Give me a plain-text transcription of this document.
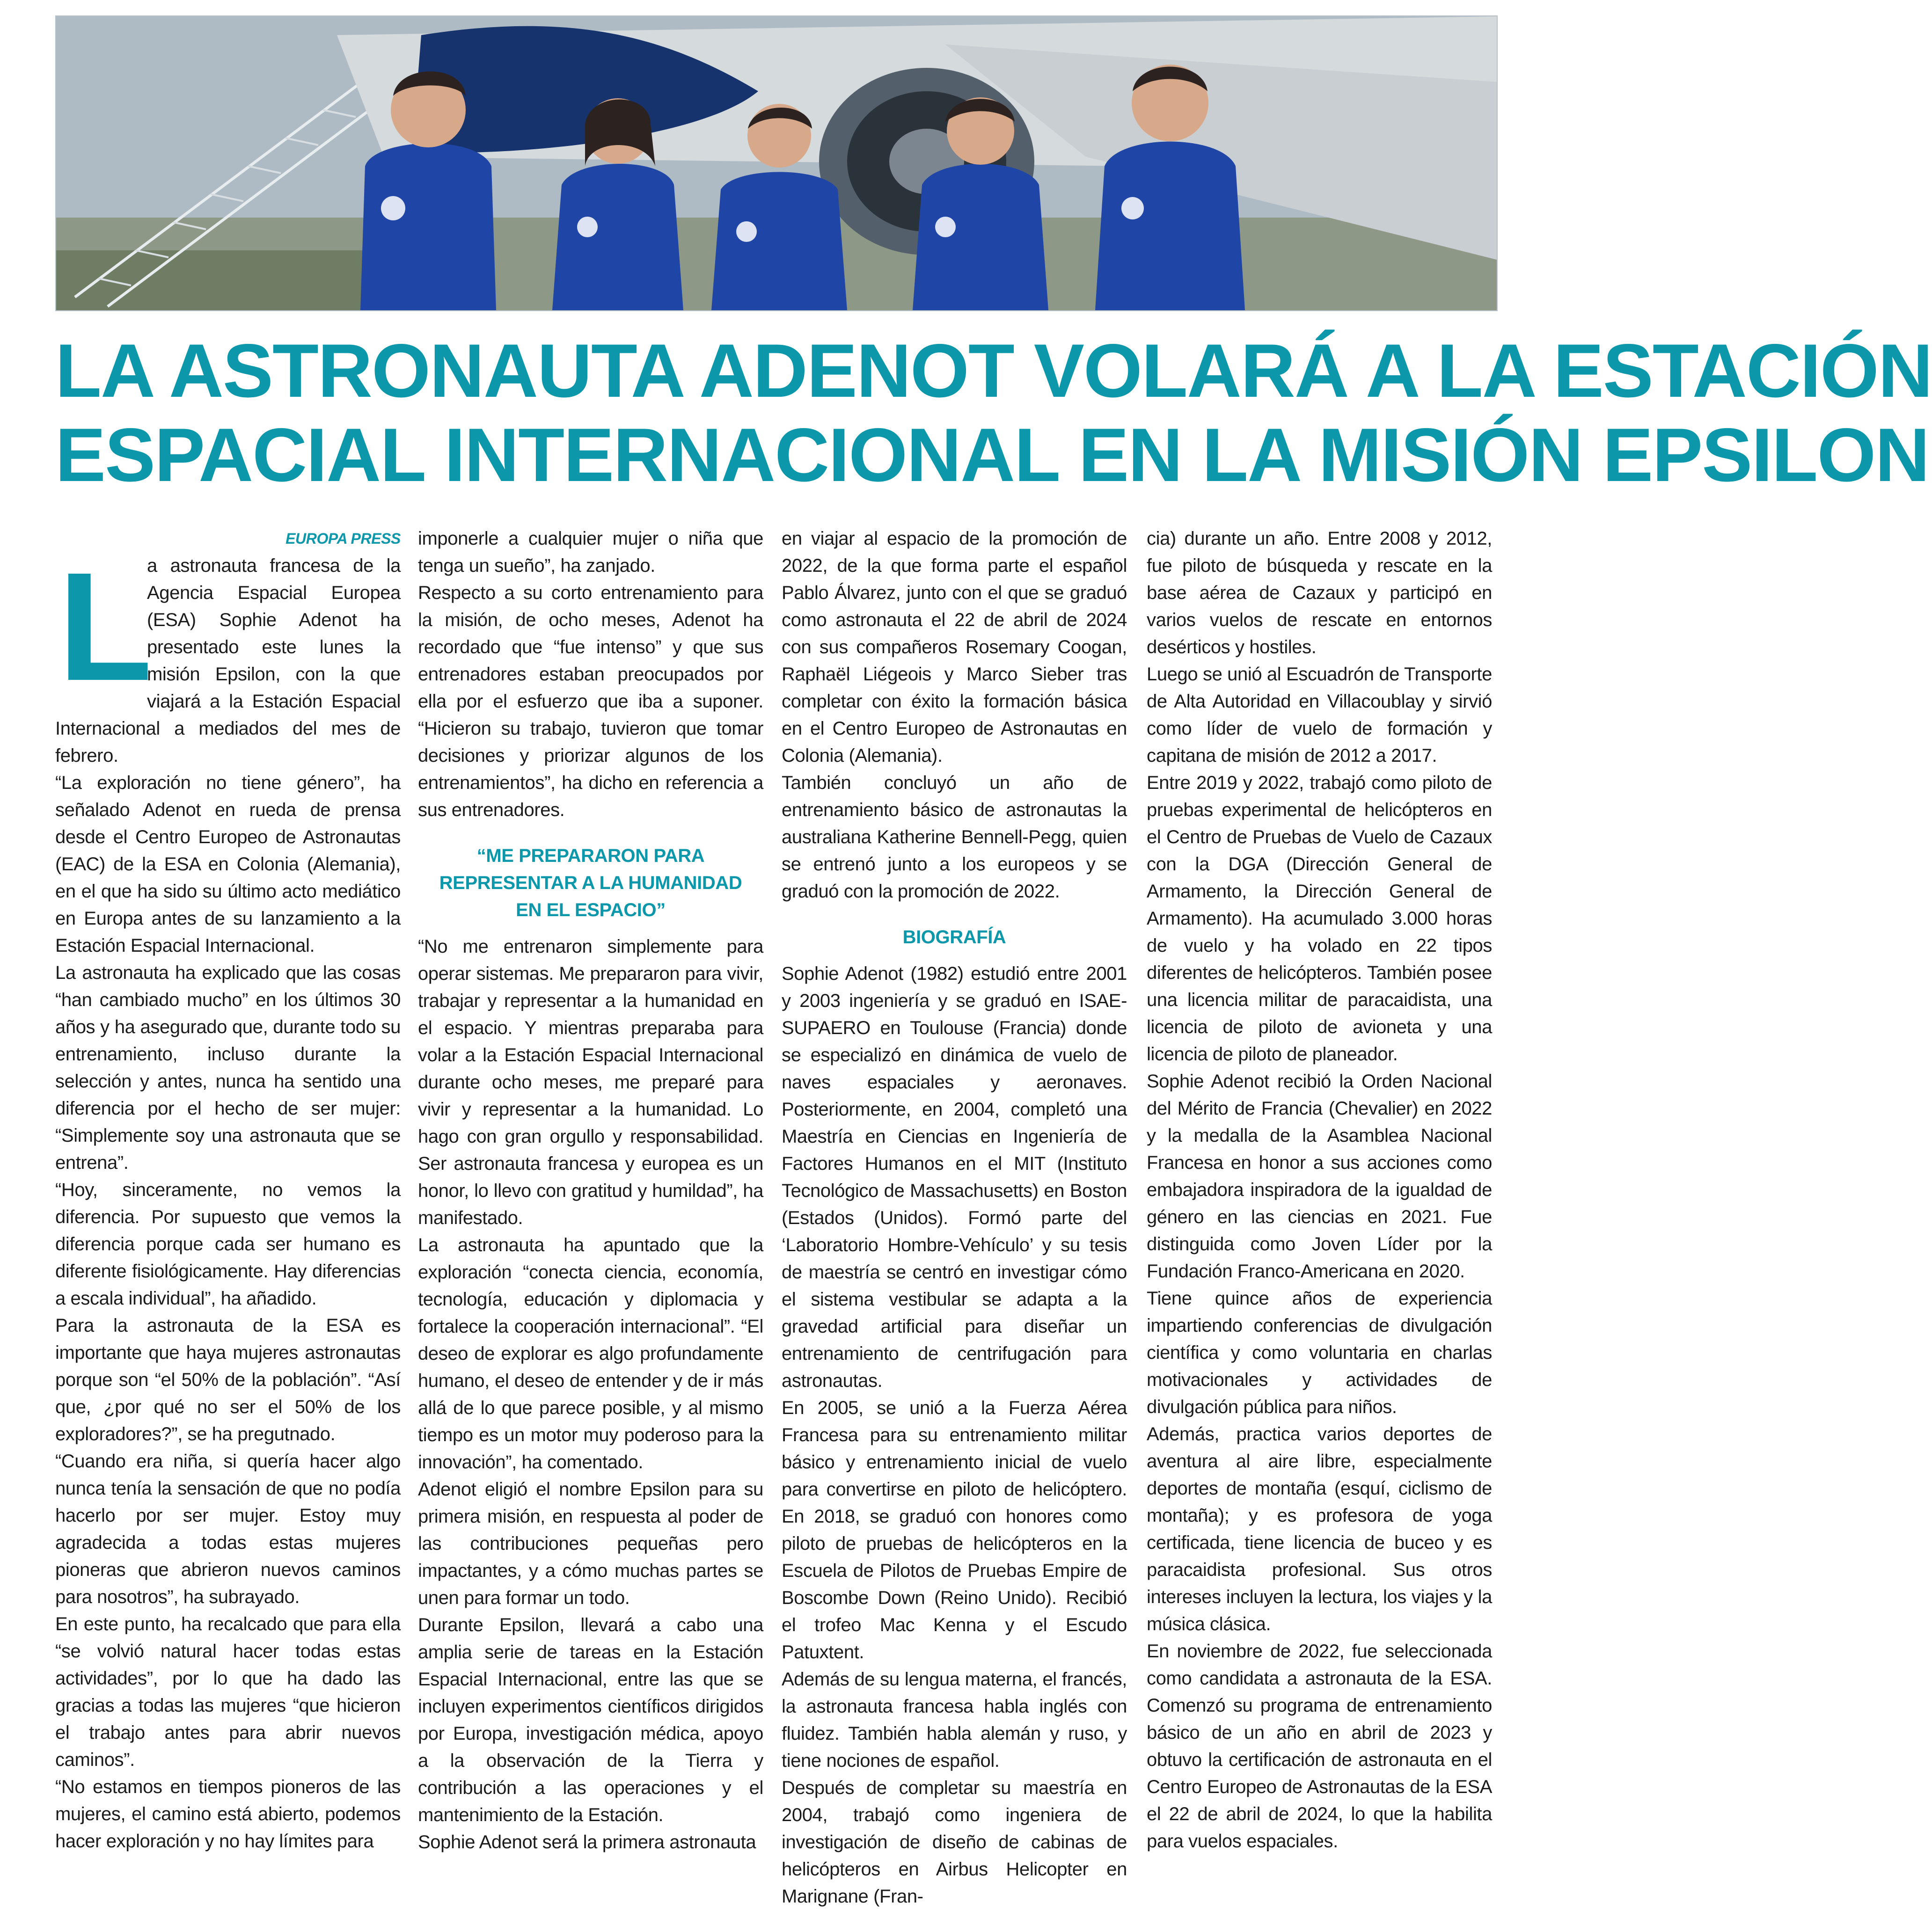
LA ASTRONAUTA ADENOT VOLARÁ A LA ESTACIÓN
ESPACIAL INTERNACIONAL EN LA MISIÓN EPSILON
EUROPA PRESS
L

a astronauta francesa de la Agencia Espacial Europea (ESA) Sophie Adenot ha presentado este lunes la misión Epsilon, con la que viajará a la Estación Espacial Internacional a mediados del mes de febrero.

“La exploración no tiene género”, ha señalado Adenot en rueda de prensa desde el Centro Europeo de Astronautas (EAC) de la ESA en Colonia (Alemania), en el que ha sido su último acto mediático en Europa antes de su lanzamiento a la Estación Espacial Internacional.

La astronauta ha explicado que las cosas “han cambiado mucho” en los últimos 30 años y ha asegurado que, durante todo su entrenamiento, incluso durante la selección y antes, nunca ha sentido una diferencia por el hecho de ser mujer: “Simplemente soy una astronauta que se entrena”.

“Hoy, sinceramente, no vemos la diferencia. Por supuesto que vemos la diferencia porque cada ser humano es diferente fisiológicamente. Hay diferencias a escala individual”, ha añadido.

Para la astronauta de la ESA es importante que haya mujeres astronautas porque son “el 50% de la población”. “Así que, ¿por qué no ser el 50% de los exploradores?”, se ha pregutnado.

“Cuando era niña, si quería hacer algo nunca tenía la sensación de que no podía hacerlo por ser mujer. Estoy muy agradecida a todas estas mujeres pioneras que abrieron nuevos caminos para nosotros”, ha subrayado.

En este punto, ha recalcado que para ella “se volvió natural hacer todas estas actividades”, por lo que ha dado las gracias a todas las mujeres “que hicieron el trabajo antes para abrir nuevos caminos”.

“No estamos en tiempos pioneros de las mujeres, el camino está abierto, podemos hacer exploración y no hay límites para

imponerle a cualquier mujer o niña que tenga un sueño”, ha zanjado.

Respecto a su corto entrenamiento para la misión, de ocho meses, Adenot ha recordado que “fue intenso” y que sus entrenadores estaban preocupados por ella por el esfuerzo que iba a suponer. “Hicieron su trabajo, tuvieron que tomar decisiones y priorizar algunos de los entrenamientos”, ha dicho en referencia a sus entrenadores.

“ME PREPARARON PARA
REPRESENTAR A LA HUMANIDAD
EN EL ESPACIO”

“No me entrenaron simplemente para operar sistemas. Me prepararon para vivir, trabajar y representar a la humanidad en el espacio. Y mientras preparaba para volar a la Estación Espacial Internacional durante ocho meses, me preparé para vivir y representar a la humanidad. Lo hago con gran orgullo y responsabilidad. Ser astronauta francesa y europea es un honor, lo llevo con gratitud y humildad”, ha manifestado.

La astronauta ha apuntado que la exploración “conecta ciencia, economía, tecnología, educación y diplomacia y fortalece la cooperación internacional”. “El deseo de explorar es algo profundamente humano, el deseo de entender y de ir más allá de lo que parece posible, y al mismo tiempo es un motor muy poderoso para la innovación”, ha comentado.

Adenot eligió el nombre Epsilon para su primera misión, en respuesta al poder de las contribuciones pequeñas pero impactantes, y a cómo muchas partes se unen para formar un todo.

Durante Epsilon, llevará a cabo una amplia serie de tareas en la Estación Espacial Internacional, entre las que se incluyen experimentos científicos dirigidos por Europa, investigación médica, apoyo a la observación de la Tierra y contribución a las operaciones y el mantenimiento de la Estación.

Sophie Adenot será la primera astronauta

en viajar al espacio de la promoción de 2022, de la que forma parte el español Pablo Álvarez, junto con el que se graduó como astronauta el 22 de abril de 2024 con sus compañeros Rosemary Coogan, Raphaël Liégeois y Marco Sieber tras completar con éxito la formación básica en el Centro Europeo de Astronautas en Colonia (Alemania).

También concluyó un año de entrenamiento básico de astronautas la australiana Katherine Bennell-Pegg, quien se entrenó junto a los europeos y se graduó con la promoción de 2022.

BIOGRAFÍA

Sophie Adenot (1982) estudió entre 2001 y 2003 ingeniería y se graduó en ISAE-SUPAERO en Toulouse (Francia) donde se especializó en dinámica de vuelo de naves espaciales y aeronaves. Posteriormente, en 2004, completó una Maestría en Ciencias en Ingeniería de Factores Humanos en el MIT (Instituto Tecnológico de Massachusetts) en Boston (Estados (Unidos). Formó parte del ‘Laboratorio Hombre-Vehículo’ y su tesis de maestría se centró en investigar cómo el sistema vestibular se adapta a la gravedad artificial para diseñar un entrenamiento de centrifugación para astronautas.

En 2005, se unió a la Fuerza Aérea Francesa para su entrenamiento militar básico y entrenamiento inicial de vuelo para convertirse en piloto de helicóptero. En 2018, se graduó con honores como piloto de pruebas de helicópteros en la Escuela de Pilotos de Pruebas Empire de Boscombe Down (Reino Unido). Recibió el trofeo Mac Kenna y el Escudo Patuxtent.

Además de su lengua materna, el francés, la astronauta francesa habla inglés con fluidez. También habla alemán y ruso, y tiene nociones de español.

Después de completar su maestría en 2004, trabajó como ingeniera de investigación de diseño de cabinas de helicópteros en Airbus Helicopter en Marignane (Fran-

cia) durante un año. Entre 2008 y 2012, fue piloto de búsqueda y rescate en la base aérea de Cazaux y participó en varios vuelos de rescate en entornos desérticos y hostiles.

Luego se unió al Escuadrón de Transporte de Alta Autoridad en Villacoublay y sirvió como líder de vuelo de formación y capitana de misión de 2012 a 2017.

Entre 2019 y 2022, trabajó como piloto de pruebas experimental de helicópteros en el Centro de Pruebas de Vuelo de Cazaux con la DGA (Dirección General de Armamento, la Dirección General de Armamento). Ha acumulado 3.000 horas de vuelo y ha volado en 22 tipos diferentes de helicópteros. También posee una licencia militar de paracaidista, una licencia de piloto de avioneta y una licencia de piloto de planeador.

Sophie Adenot recibió la Orden Nacional del Mérito de Francia (Chevalier) en 2022 y la medalla de la Asamblea Nacional Francesa en honor a sus acciones como embajadora inspiradora de la igualdad de género en las ciencias en 2021. Fue distinguida como Joven Líder por la Fundación Franco-Americana en 2020.

Tiene quince años de experiencia impartiendo conferencias de divulgación científica y como voluntaria en charlas motivacionales y actividades de divulgación pública para niños.

Además, practica varios deportes de aventura al aire libre, especialmente deportes de montaña (esquí, ciclismo de montaña); y es profesora de yoga certificada, tiene licencia de buceo y es paracaidista profesional. Sus otros intereses incluyen la lectura, los viajes y la música clásica.

En noviembre de 2022, fue seleccionada como candidata a astronauta de la ESA. Comenzó su programa de entrenamiento básico de un año en abril de 2023 y obtuvo la certificación de astronauta en el Centro Europeo de Astronautas de la ESA el 22 de abril de 2024, lo que la habilita para vuelos espaciales.
